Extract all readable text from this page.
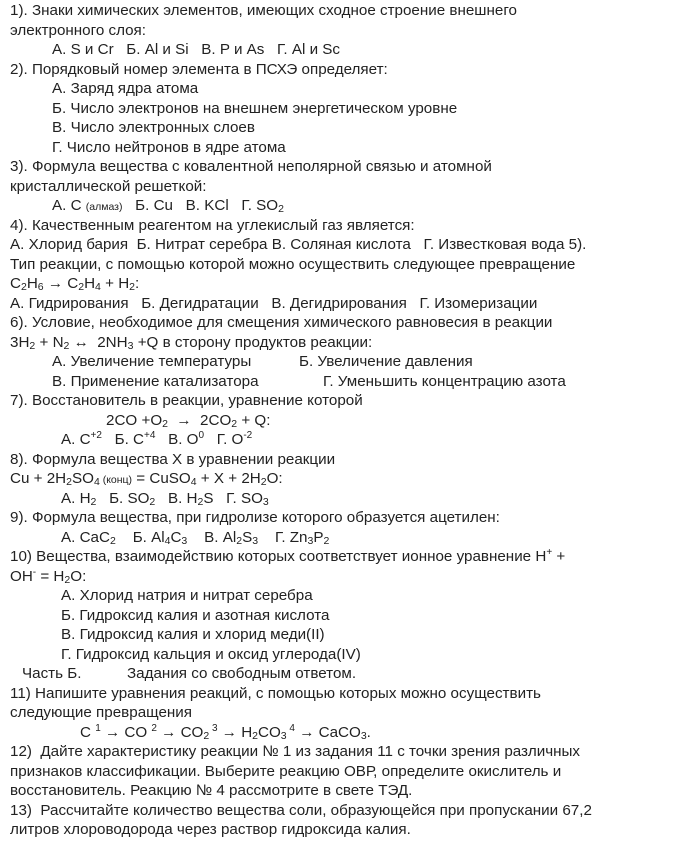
1). Знаки химических элементов, имеющих сходное строение внешнего
электронного слоя:
А. S и Cr   Б. Al и Si   В. P и As   Г. Al и Sc
2). Порядковый номер элемента в ПСХЭ определяет:
А. Заряд ядра атома
Б. Число электронов на внешнем энергетическом уровне
В. Число электронных слоев
Г. Число нейтронов в ядре атома
3). Формула вещества с ковалентной неполярной связью и атомной
кристаллической решеткой:
А. С (алмаз) Б. Cu   В. KCl   Г. $SO_2$
4). Качественным реагентом на углекислый газ является:
А. Хлорид бария  Б. Нитрат серебра В. Соляная кислота   Г. Известковая вода 5).
Тип реакции, с помощью которой можно осуществить следующее превращение
$C_2H_6 \to C_2H_4 + H_2$:
А. Гидрирования   Б. Дегидратации   В. Дегидрирования   Г. Изомеризации
6). Условие, необходимое для смещения химического равновесия в реакции
$3H_2 + N_2$ ↔  $2NH_3 +Q$ в сторону продуктов реакции:
А. Увеличение температуры	Б. Увеличение давления
В. Применение катализатора	Г. Уменьшить концентрацию азота
7). Восстановитель в реакции, уравнение которой
$2CO +O_2 \to 2CO_2 + Q$:
А. $C^{+2}$ Б. $C^{+4}$ В. $O^0$ Г. $O^{-2}$
8). Формула вещества Х в уравнении реакции
$Cu + 2H_2SO_4$ (конц) = CuSO$_4$ + $X + 2H_2O$:
А. $H_2$ Б. $SO_2$ В. $H_2S$ Г. $SO_3$
9). Формула вещества, при гидролизе которого образуется ацетилен:
А. CaC$_2$ Б. $Al_4C_3$ В. $Al_2S_3$ Г. $Zn_3P_2$
10) Вещества, взаимодействию которых соответствует ионное уравнение H+ +
$OH^- = H_2O$:
А. Хлорид натрия и нитрат серебра
Б. Гидроксид калия и азотная кислота
В. Гидроксид калия и хлорид меди(II)
Г. Гидроксид кальция и оксид углерода(IV)
Часть Б.	Задания со свободным ответом.
11) Напишите уравнения реакций, с помощью которых можно осуществить
следующие превращения
C $^1$ → CO $^2 \to CO_2$ $^3 \to H_2CO_3$ $^4$ → CaCO$_3$.
12)  Дайте характеристику реакции № 1 из задания 11 с точки зрения различных
признаков классификации. Выберите реакцию ОВР, определите окислитель и
восстановитель. Реакцию № 4 рассмотрите в свете ТЭД.
13)  Рассчитайте количество вещества соли, образующейся при пропускании 67,2
литров хлороводорода через раствор гидроксида калия.
